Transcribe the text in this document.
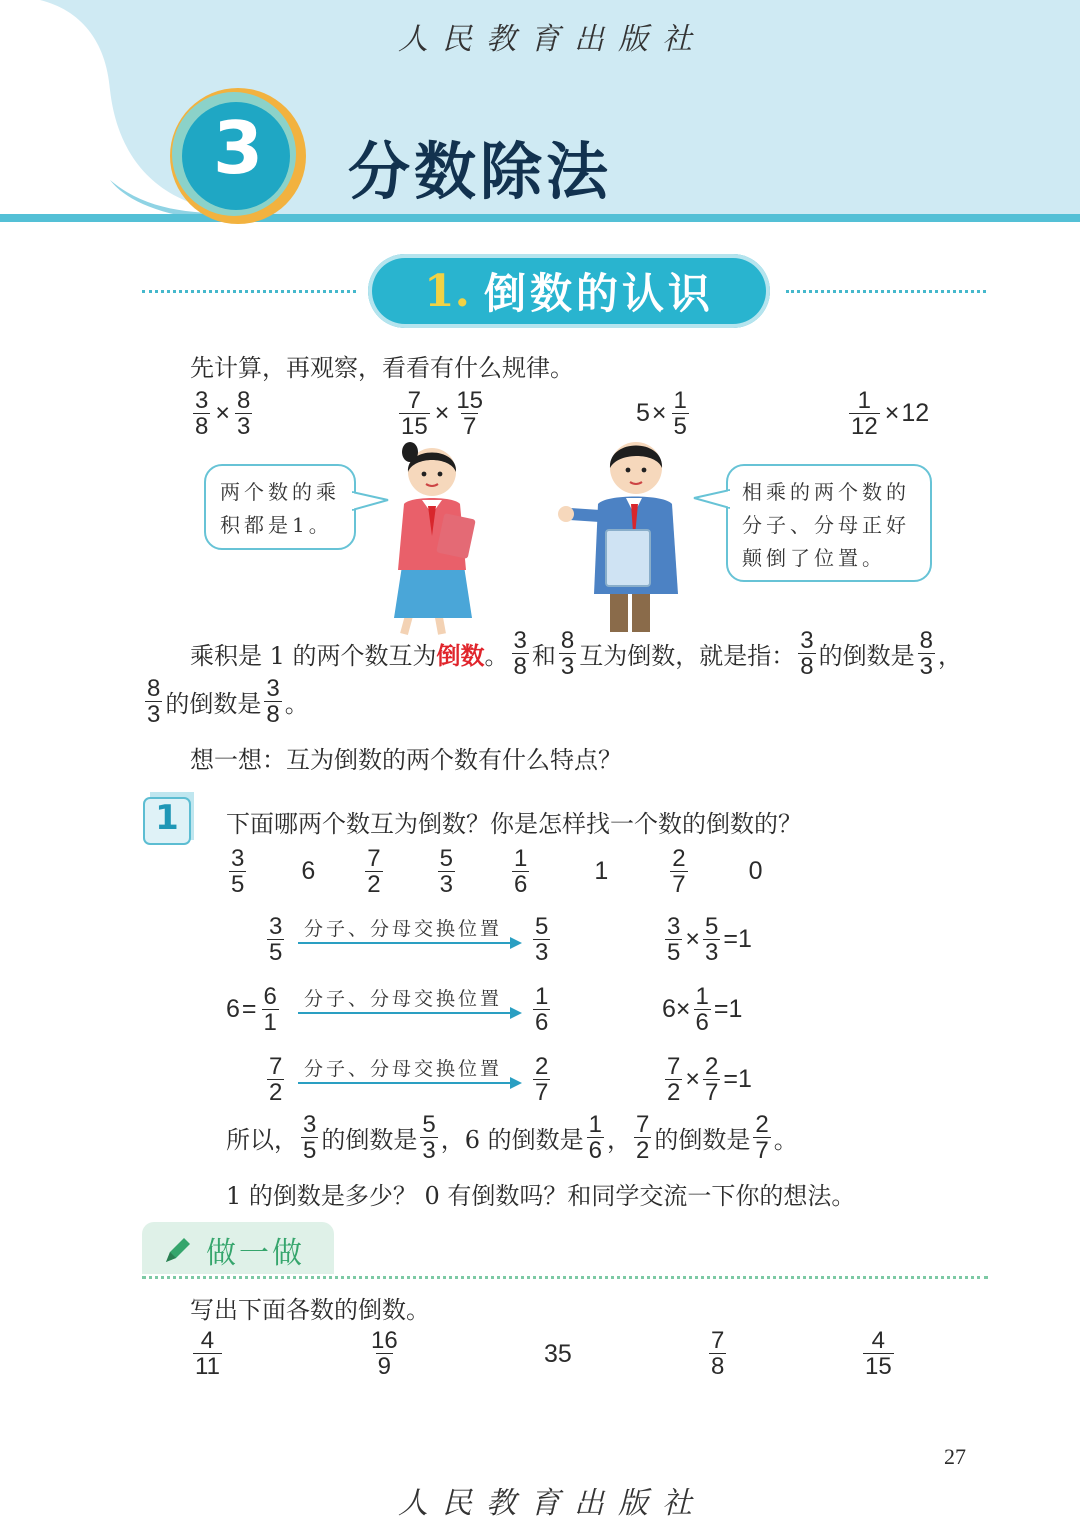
人民教育出版社
3	分数除法
1. 倒数的认识
先计算，再观察，看看有什么规律。
$\frac{3}{8} \times \frac{8}{3}$	$\frac{7}{15} \times \frac{15}{7}$	$5 \times \frac{1}{5}$	$\frac{1}{12} \times 12$
两个数的乘积都是1。
相乘的两个数的分子、分母正好颠倒了位置。
乘积是 1 的两个数互为 倒数 。 $\frac{3}{8}$ 和 $\frac{8}{3}$ 互为倒数，就是指： $\frac{3}{8}$ 的倒数是 $\frac{8}{3}$ ，
$\frac{8}{3}$ 的倒数是 $\frac{3}{8}$ 。
想一想：互为倒数的两个数有什么特点？
1	下面哪两个数互为倒数？你是怎样找一个数的倒数的？
$\frac{3}{5} 6 \frac{7}{2} \frac{5}{3} \frac{1}{6}$	1	$\frac{2}{7} 0$
$\frac{3}{5}$ 分子、分母交换位置 $\frac{5}{3}$	$\frac{3}{5} \times \frac{5}{3} = 1$
$6 = \frac{6}{1}$ 分子、分母交换位置 $\frac{1}{6}$	$6 \times \frac{1}{6} = 1$
$\frac{7}{2}$ 分子、分母交换位置 $\frac{2}{7}$	$\frac{7}{2} \times \frac{2}{7} = 1$
所以， $\frac{3}{5}$ 的倒数是 $\frac{5}{3}$ ，6 的倒数是 $\frac{1}{6}$ ， $\frac{7}{2}$ 的倒数是 $\frac{2}{7}$ 。
1 的倒数是多少？ 0 有倒数吗？和同学交流一下你的想法。
做一做
写出下面各数的倒数。
$\frac{4}{11}$	$\frac{16}{9}$	35	$\frac{7}{8}$	$\frac{4}{15}$
27
人民教育出版社
